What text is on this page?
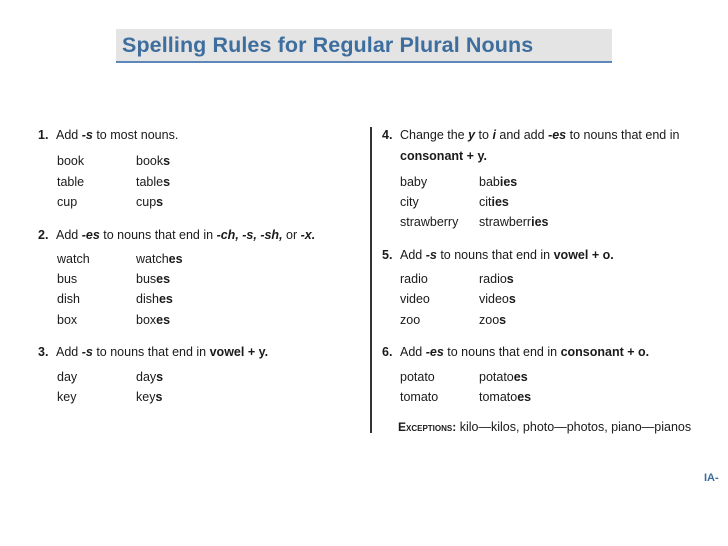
Spelling Rules for Regular Plural Nouns
1. Add -s to most nouns.
book	books
table	tables
cup	cups
2. Add -es to nouns that end in -ch, -s, -sh, or -x.
watch	watches
bus	buses
dish	dishes
box	boxes
3. Add -s to nouns that end in vowel + y.
day	days
key	keys
4. Change the y to i and add -es to nouns that end in
consonant + y.
baby	babies
city	cities
strawberry strawberries
5. Add -s to nouns that end in vowel + o.
radio	radios
video	videos
zoo	zoos
6. Add -es to nouns that end in consonant + o.
potato	potatoes
tomato	tomatoes
Exceptions: kilo—kilos, photo—photos, piano—pianos
IA-
